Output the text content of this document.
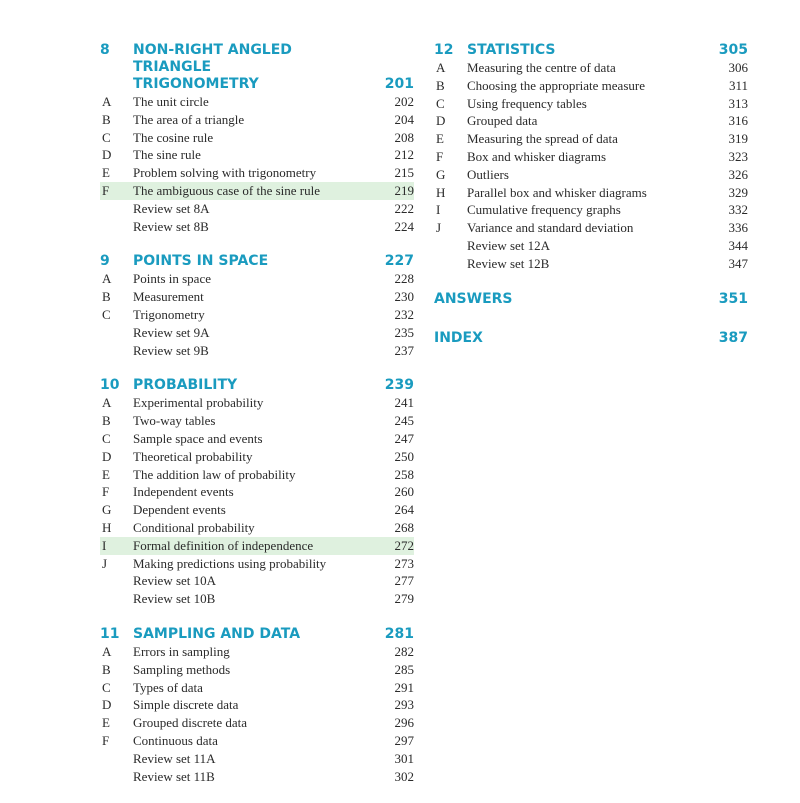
8	NON-RIGHT ANGLED TRIANGLE
TRIGONOMETRY	201
A	The unit circle	202
B	The area of a triangle	204
C	The cosine rule	208
D	The sine rule	212
E	Problem solving with trigonometry	215
F	The ambiguous case of the sine rule	219
Review set 8A	222
Review set 8B	224
9	POINTS IN SPACE	227
A	Points in space	228
B	Measurement	230
C	Trigonometry	232
Review set 9A	235
Review set 9B	237
10 PROBABILITY	239
A	Experimental probability	241
B	Two-way tables	245
C	Sample space and events	247
D	Theoretical probability	250
E	The addition law of probability	258
F	Independent events	260
G	Dependent events	264
H	Conditional probability	268
I	Formal definition of independence	272
J	Making predictions using probability	273
Review set 10A	277
Review set 10B	279
11 SAMPLING AND DATA	281
A	Errors in sampling	282
B	Sampling methods	285
C	Types of data	291
D	Simple discrete data	293
E	Grouped discrete data	296
F	Continuous data	297
Review set 11A	301
Review set 11B	302
12 STATISTICS	305
A	Measuring the centre of data	306
B	Choosing the appropriate measure	311
C	Using frequency tables	313
D	Grouped data	316
E	Measuring the spread of data	319
F	Box and whisker diagrams	323
G	Outliers	326
H	Parallel box and whisker diagrams	329
I	Cumulative frequency graphs	332
J	Variance and standard deviation	336
Review set 12A	344
Review set 12B	347
ANSWERS	351
INDEX	387
